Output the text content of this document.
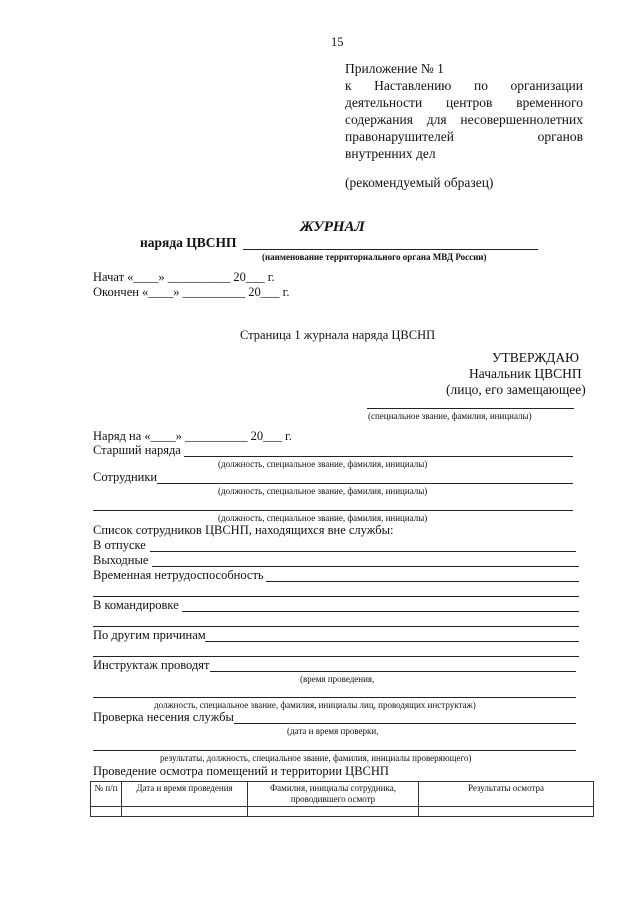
15
Приложение № 1
к Наставлению по организации
деятельности центров временного
содержания для несовершеннолетних
правонарушителей органов
внутренних дел
(рекомендуемый образец)
ЖУРНАЛ
наряда ЦВСНП
(наименование территориального органа МВД России)
Начат «____» __________ 20___ г.
Окончен «____» __________ 20___ г.
Страница 1 журнала наряда ЦВСНП
УТВЕРЖДАЮ
Начальник ЦВСНП
(лицо, его замещающее)
(специальное звание, фамилия, инициалы)
Наряд на «____» __________ 20___ г.
Старший наряда
(должность, специальное звание, фамилия, инициалы)
Сотрудники
(должность, специальное звание, фамилия, инициалы)
(должность, специальное звание, фамилия, инициалы)
Список сотрудников ЦВСНП, находящихся вне службы:
В отпуске
Выходные
Временная нетрудоспособность
В командировке
По другим причинам
Инструктаж проводят
(время проведения,
должность, специальное звание, фамилия, инициалы лиц, проводящих инструктаж)
Проверка несения службы
(дата и время проверки,
результаты, должность, специальное звание, фамилия, инициалы проверяющего)
Проведение осмотра помещений и территории ЦВСНП
№ п/п	Дата и время проведения	Фамилия, инициалы сотрудника, проводившего осмотр	Результаты осмотра
